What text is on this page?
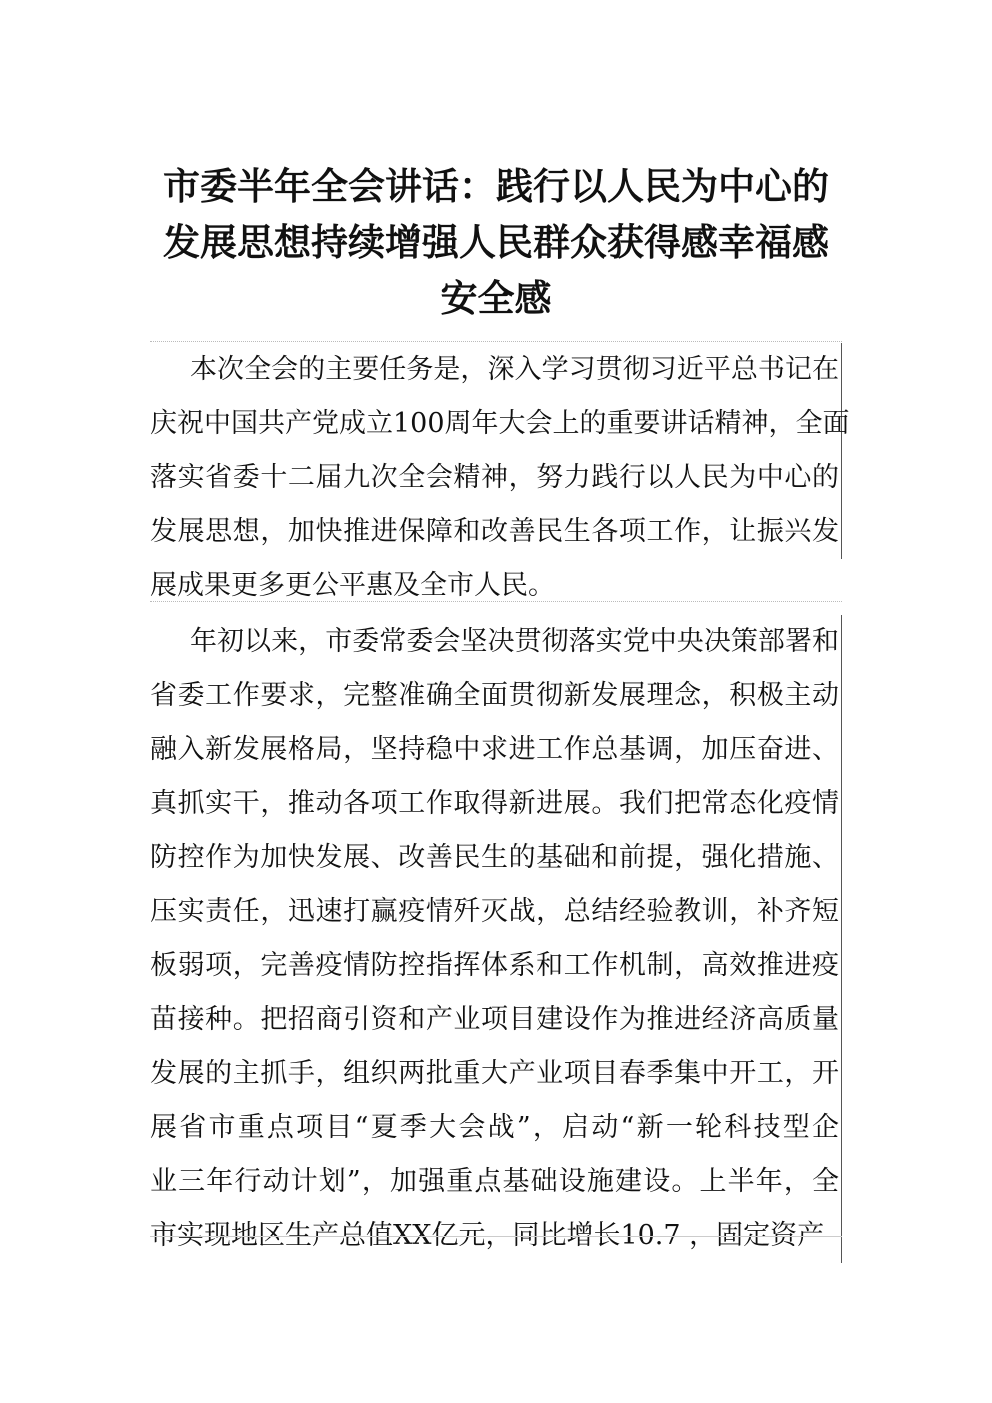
市委半年全会讲话：践行以人民为中心的
发展思想持续增强人民群众获得感幸福感
安全感
本次全会的主要任务是，深入学习贯彻习近平总书记在
庆祝中国共产党成立100周年大会上的重要讲话精神，全面
落实省委十二届九次全会精神，努力践行以人民为中心的
发展思想，加快推进保障和改善民生各项工作，让振兴发
展成果更多更公平惠及全市人民。
年初以来，市委常委会坚决贯彻落实党中央决策部署和
省委工作要求，完整准确全面贯彻新发展理念，积极主动
融入新发展格局，坚持稳中求进工作总基调，加压奋进、
真抓实干，推动各项工作取得新进展。我们把常态化疫情
防控作为加快发展、改善民生的基础和前提，强化措施、
压实责任，迅速打赢疫情歼灭战，总结经验教训，补齐短
板弱项，完善疫情防控指挥体系和工作机制，高效推进疫
苗接种。把招商引资和产业项目建设作为推进经济高质量
发展的主抓手，组织两批重大产业项目春季集中开工，开
展省市重点项目“夏季大会战”，启动“新一轮科技型企
业三年行动计划”，加强重点基础设施建设。上半年，全
市实现地区生产总值XX亿元，同比增长10.7 ，固定资产
